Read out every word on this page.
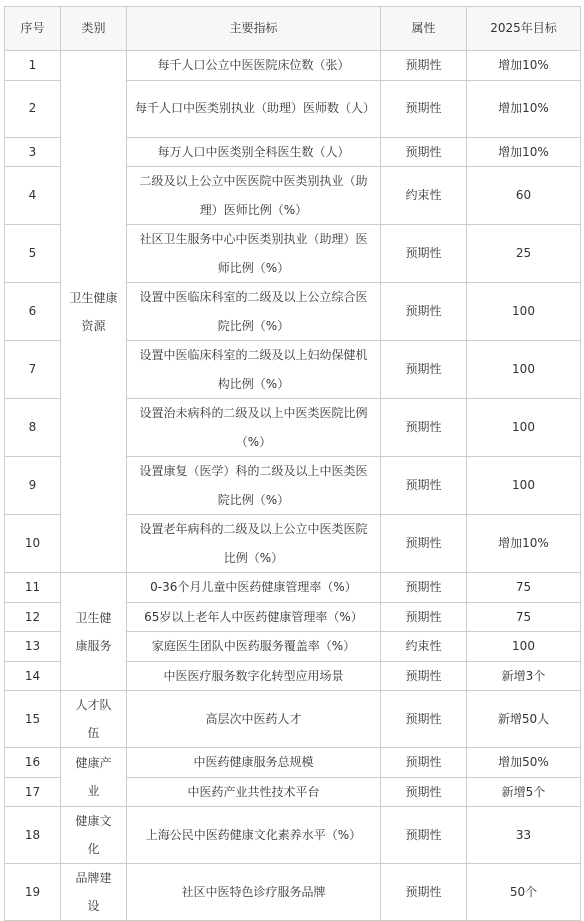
序号	类别	主要指标	属性	2025年目标
1	卫生健康资源	每千人口公立中医医院床位数（张）	预期性	增加10%
2		每千人口中医类别执业（助理）医师数（人）	预期性	增加10%
3		每万人口中医类别全科医生数（人）	预期性	增加10%
4		二级及以上公立中医医院中医类别执业（助理）医师比例（%）	约束性	60
5		社区卫生服务中心中医类别执业（助理）医师比例（%）	预期性	25
6		设置中医临床科室的二级及以上公立综合医院比例（%）	预期性	100
7		设置中医临床科室的二级及以上妇幼保健机构比例（%）	预期性	100
8		设置治未病科的二级及以上中医类医院比例（%）	预期性	100
9		设置康复（医学）科的二级及以上中医类医院比例（%）	预期性	100
10		设置老年病科的二级及以上公立中医类医院比例（%）	预期性	增加10%
11	卫生健康服务	0-36个月儿童中医药健康管理率（%）	预期性	75
12		65岁以上老年人中医药健康管理率（%）	预期性	75
13		家庭医生团队中医药服务覆盖率（%）	约束性	100
14		中医医疗服务数字化转型应用场景	预期性	新增3个
15	人才队伍	高层次中医药人才	预期性	新增50人
16	健康产业	中医药健康服务总规模	预期性	增加50%
17		中医药产业共性技术平台	预期性	新增5个
18	健康文化	上海公民中医药健康文化素养水平（%）	预期性	33
19	品牌建设	社区中医特色诊疗服务品牌	预期性	50个
